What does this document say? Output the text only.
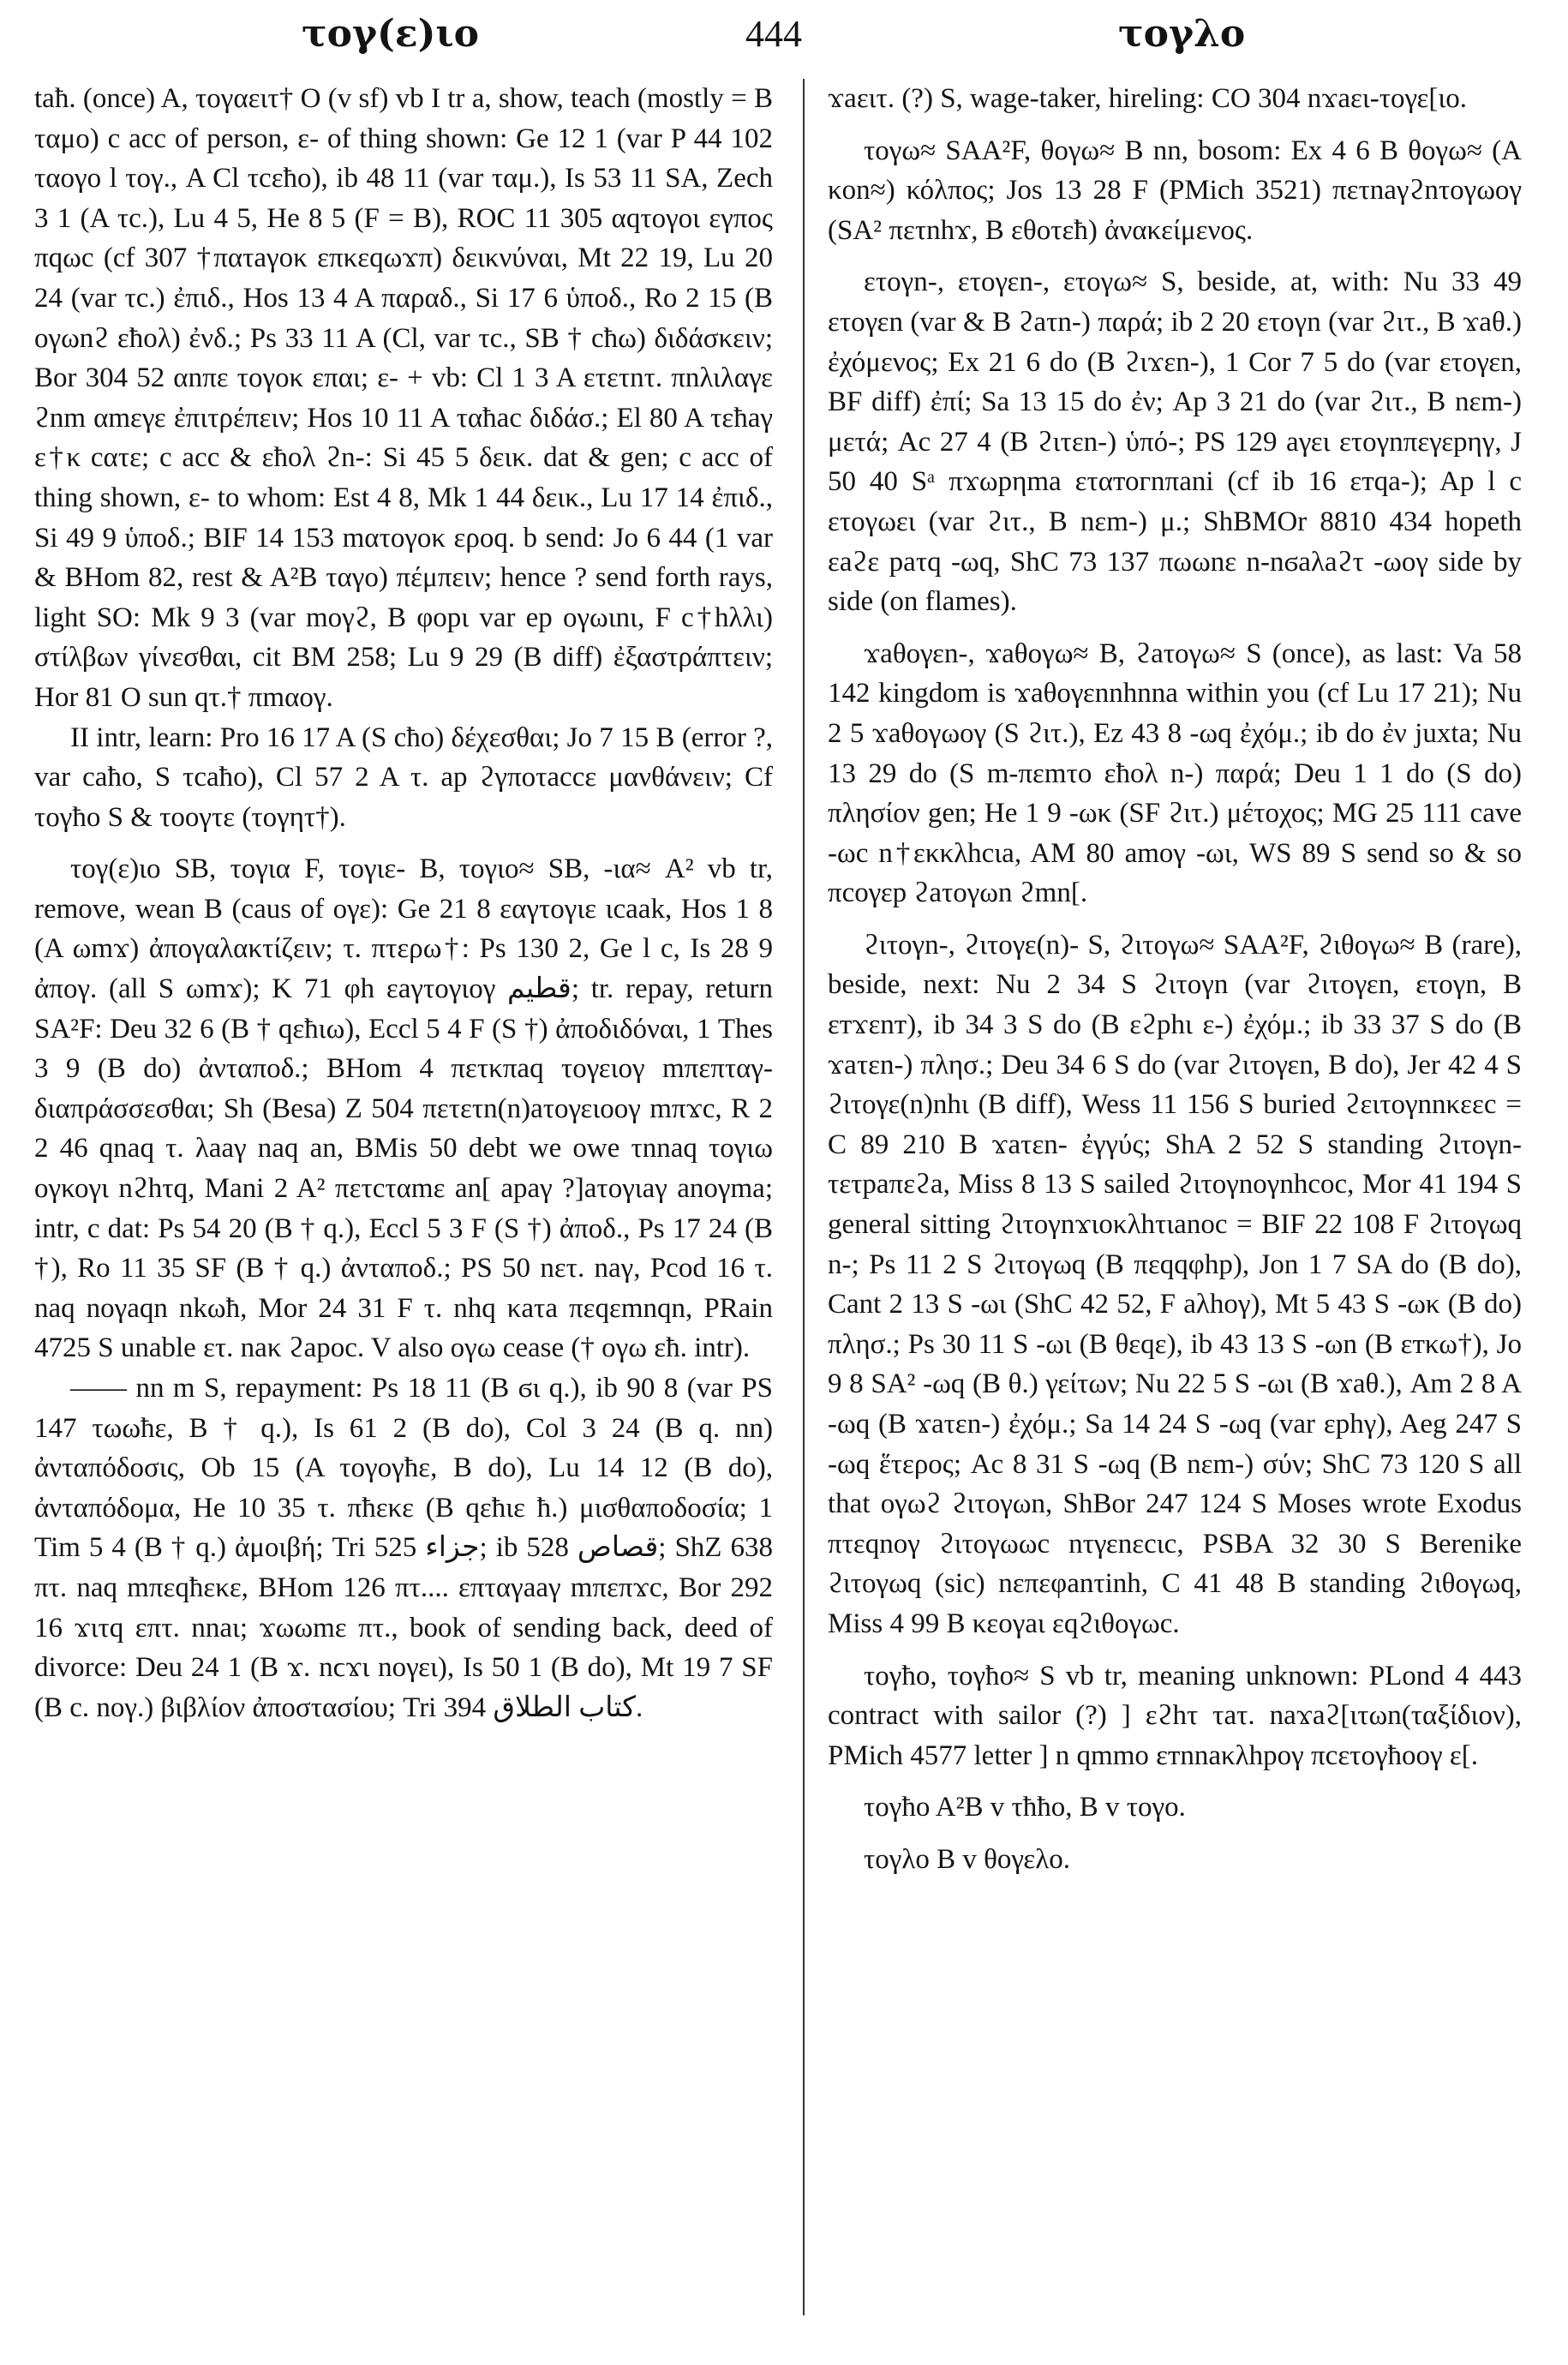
τογ(ε)ιο	444	τογλο

taħ. (once) A, τογαειτ† O (v sf) vb I tr a, show, teach (mostly = B ταμο) c acc of person, ε- of thing shown: Ge 12 1 (var P 44 102 ταογο l τογ., A Cl τcεħο), ib 48 11 (var ταμ.), Is 53 11 SA, Zech 3 1 (A τc.), Lu 4 5, He 8 5 (F = B), ROC 11 305 αqτογοι εγπος πqωc (cf 307 †πατaγoκ επκεqωϫπ) δεικνύναι, Mt 22 19, Lu 20 24 (var τc.) ἐπιδ., Hos 13 4 A παραδ., Si 17 6 ὑποδ., Ro 2 15 (B ογωnϩ εħoλ) ἐνδ.; Ps 33 11 A (Cl, var τc., SB † cħω) διδάσκειν; Bor 304 52 αnπε τογοκ επαι; ε- + vb: Cl 1 3 A ετετnτ. πnλιλαγε ϩnm αmεγε ἐπιτρέπειν; Hos 10 11 A ταħac διδάσ.; El 80 A τεħaγ ε†κ cατε; c acc & εħoλ ϩn-: Si 45 5 δεικ. dat & gen; c acc of thing shown, ε- to whom: Est 4 8, Mk 1 44 δεικ., Lu 17 14 ἐπιδ., Si 49 9 ὑποδ.; BIF 14 153 mατογοκ εροq. b send: Jo 6 44 (1 var & BHom 82, rest & A²B ταγο) πέμπειν; hence ? send forth rays, light SO: Mk 9 3 (var mογϩ, B φopι var ep ογωιnι, F c†hλλι) στίλβων γίνεσθαι, cit BM 258; Lu 9 29 (B diff) ἐξαστράπτειν; Hor 81 O sun qτ.† πmαογ.

II intr, learn: Pro 16 17 A (S cħo) δέχεσθαι; Jo 7 15 B (error ?, var caħo, S τcaħo), Cl 57 2 A τ. ap ϩγποτaccε μανθάνειν; Cf τογħo S & τooγτε (τογητ†).

τογ(ε)ιο SB, τογια F, τογιε- B, τογιο≈ SB, -ια≈ A² vb tr, remove, wean B (caus of ογε): Ge 21 8 εαγτογιε ιcaak, Hos 1 8 (A ωmϫ) ἀπογαλακτίζειν; τ. πτερω†: Ps 130 2, Ge l c, Is 28 9 ἀπογ. (all S ωmϫ); K 71 φh εaγτογιογ قطيم; tr. repay, return SA²F: Deu 32 6 (B † qεħιω), Eccl 5 4 F (S †) ἀποδιδόναι, 1 Thes 3 9 (B do) ἀνταποδ.; BHom 4 πετκπaq τογειογ mπεπταγ- διαπράσσεσθαι; Sh (Besa) Z 504 πετετn(n)aτογειοογ mπϫc, R 2 2 46 qnaq τ. λaaγ naq an, BMis 50 debt we owe τnnaq τογιω ογκογι nϩhτq, Mani 2 A² πετcταmε an[ apaγ ?]aτογιaγ anoγma; intr, c dat: Ps 54 20 (B † q.), Eccl 5 3 F (S †) ἀποδ., Ps 17 24 (B †), Ro 11 35 SF (B † q.) ἀνταποδ.; PS 50 nετ. naγ, Pcod 16 τ. naq noγaqn nkωħ, Mor 24 31 F τ. nhq κaτa πεqεmnqn, PRain 4725 S unable ετ. naκ ϩapoc. V also ογω cease († ογω εħ. intr).

—— nn m S, repayment: Ps 18 11 (B ϭι q.), ib 90 8 (var PS 147 τωωħε, B † q.), Is 61 2 (B do), Col 3 24 (B q. nn) ἀνταπόδοσις, Ob 15 (A τογογħε, B do), Lu 14 12 (B do), ἀνταπόδομα, He 10 35 τ. πħεκε (B qεħιε ħ.) μισθαποδοσία; 1 Tim 5 4 (B † q.) ἀμοιβή; Tri 525 جزاء; ib 528 قصاص; ShZ 638 πτ. naq mπεqħεκε, BHom 126 πτ.... επταγaaγ mπεπϫc, Bor 292 16 ϫιτq επτ. nnaι; ϫωωmε πτ., book of sending back, deed of divorce: Deu 24 1 (B ϫ. nϲϫι noγει), Is 50 1 (B do), Mt 19 7 SF (B c. noγ.) βιβλίον ἀποστασίου; Tri 394 كتاب الطلاق.

ϫaειτ. (?) S, wage-taker, hireling: CO 304 nϫaει-τογε[ιο.

τογω≈ SAA²F, θογω≈ B nn, bosom: Ex 4 6 B θογω≈ (A κon≈) κόλπος; Jos 13 28 F (PMich 3521) πετnaγϩnτογωογ (SA² πετnhϫ, B εθοτεħ) ἀνακείμενος.

ετογn-, ετογεn-, ετογω≈ S, beside, at, with: Nu 33 49 ετογεn (var & B ϩaτn-) παρά; ib 2 20 ετογn (var ϩιτ., B ϫaθ.) ἐχόμενος; Ex 21 6 do (B ϩιϫεn-), 1 Cor 7 5 do (var ετογεn, BF diff) ἐπί; Sa 13 15 do ἐν; Ap 3 21 do (var ϩιτ., B nεm-) μετά; Ac 27 4 (B ϩιτεn-) ὑπό-; PS 129 aγει ετογnπεγεpηγ, J 50 40 Sᵃ πϫωpηma εταтогnπani (cf ib 16 εтqa-); Ap l c ετογωει (var ϩιτ., B nεm-) μ.; ShBMOr 8810 434 hopeth εaϩε paτq -ωq, ShC 73 137 πωωnε n-nϭaλaϩτ -ωoγ side by side (on flames).

ϫaθογεn-, ϫaθογω≈ B, ϩaτογω≈ S (once), as last: Va 58 142 kingdom is ϫaθογεnnhnna within you (cf Lu 17 21); Nu 2 5 ϫaθογωογ (S ϩιτ.), Ez 43 8 -ωq ἐχόμ.; ib do ἐν juxta; Nu 13 29 do (S m-πεmτo εħoλ n-) παρά; Deu 1 1 do (S do) πλησίον gen; He 1 9 -ωκ (SF ϩιτ.) μέτοχος; MG 25 111 cave -ωc n†εκκλhcιa, AM 80 amoγ -ωι, WS 89 S send so & so πcoγεp ϩaτογωn ϩmn[.

ϩιτογn-, ϩιτογε(n)- S, ϩιτογω≈ SAA²F, ϩιθογω≈ B (rare), beside, next: Nu 2 34 S ϩιτογn (var ϩιτογεn, ετογn, B εтϫεnт), ib 34 3 S do (B εϩphι ε-) ἐχόμ.; ib 33 37 S do (B ϫaτεn-) πλησ.; Deu 34 6 S do (var ϩιτογεn, B do), Jer 42 4 S ϩιτογε(n)nhι (B diff), Wess 11 156 S buried ϩειτογnnκεεc = C 89 210 B ϫaτεn- ἐγγύς; ShA 2 52 S standing ϩιτογn-τετpaπεϩa, Miss 8 13 S sailed ϩιτογnoγnhcoc, Mor 41 194 S general sitting ϩιτογnϫιoκλhτιanoc = BIF 22 108 F ϩιτογωq n-; Ps 11 2 S ϩιτογωq (B πεqqφhp), Jon 1 7 SA do (B do), Cant 2 13 S -ωι (ShC 42 52, F aλhoγ), Mt 5 43 S -ωκ (B do) πλησ.; Ps 30 11 S -ωι (B θεqε), ib 43 13 S -ωn (B εтκω†), Jo 9 8 SA² -ωq (B θ.) γείτων; Nu 22 5 S -ωι (B ϫaθ.), Am 2 8 A -ωq (B ϫaτεn-) ἐχόμ.; Sa 14 24 S -ωq (var εphγ), Aeg 247 S -ωq ἕτερος; Ac 8 31 S -ωq (B nεm-) σύν; ShC 73 120 S all that ογωϩ ϩιτογωn, ShBor 247 124 S Moses wrote Exodus πτεqnoγ ϩιτογωωc nτγεnεcιc, PSBA 32 30 S Berenike ϩιτογωq (sic) nεπεφanτinh, C 41 48 B standing ϩιθογωq, Miss 4 99 B κεoγaι εqϩιθογωc.

τογħo, τογħo≈ S vb tr, meaning unknown: PLond 4 443 contract with sailor (?) ] εϩhτ τaτ. naϫaϩ[ιτωn(ταξίδιον), PMich 4577 letter ] n qmmo εтnnaκλhpoγ πcετογħooγ ε[.

τογħo A²B v τħħo, B v τογo.

τογλo B v θoγελo.
